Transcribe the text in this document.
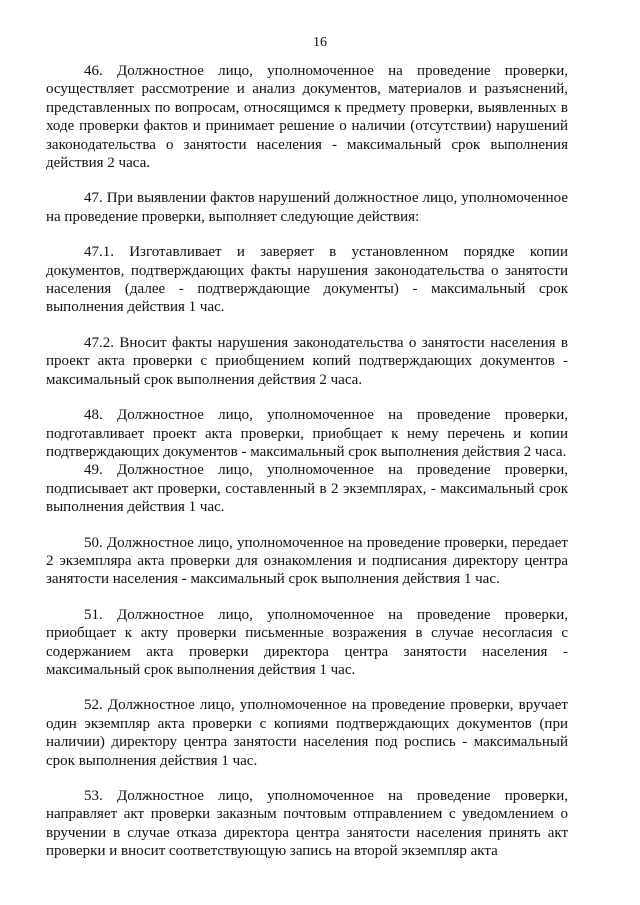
16

46. Должностное лицо, уполномоченное на проведение проверки, осуществляет рассмотрение и анализ документов, материалов и разъяснений, представленных по вопросам, относящимся к предмету проверки, выявленных в ходе проверки фактов и принимает решение о наличии (отсутствии) нарушений законодательства о занятости населения - максимальный срок выполнения действия 2 часа.

47. При выявлении фактов нарушений должностное лицо, уполномоченное на проведение проверки, выполняет следующие действия:

47.1. Изготавливает и заверяет в установленном порядке копии документов, подтверждающих факты нарушения законодательства о занятости населения (далее - подтверждающие документы) - максимальный срок выполнения действия 1 час.

47.2. Вносит факты нарушения законодательства о занятости населения в проект акта проверки с приобщением копий подтверждающих документов - максимальный срок выполнения действия 2 часа.

48. Должностное лицо, уполномоченное на проведение проверки, подготавливает проект акта проверки, приобщает к нему перечень и копии подтверждающих документов - максимальный срок выполнения действия 2 часа.

49. Должностное лицо, уполномоченное на проведение проверки, подписывает акт проверки, составленный в 2 экземплярах, - максимальный срок выполнения действия 1 час.

50. Должностное лицо, уполномоченное на проведение проверки, передает 2 экземпляра акта проверки для ознакомления и подписания директору центра занятости населения - максимальный срок выполнения действия 1 час.

51. Должностное лицо, уполномоченное на проведение проверки, приобщает к акту проверки письменные возражения в случае несогласия с содержанием акта проверки директора центра занятости населения - максимальный срок выполнения действия 1 час.

52. Должностное лицо, уполномоченное на проведение проверки, вручает один экземпляр акта проверки с копиями подтверждающих документов (при наличии) директору центра занятости населения под роспись - максимальный срок выполнения действия 1 час.

53. Должностное лицо, уполномоченное на проведение проверки, направляет акт проверки заказным почтовым отправлением с уведомлением о вручении в случае отказа директора центра занятости населения принять акт проверки и вносит соответствующую запись на второй экземпляр акта
